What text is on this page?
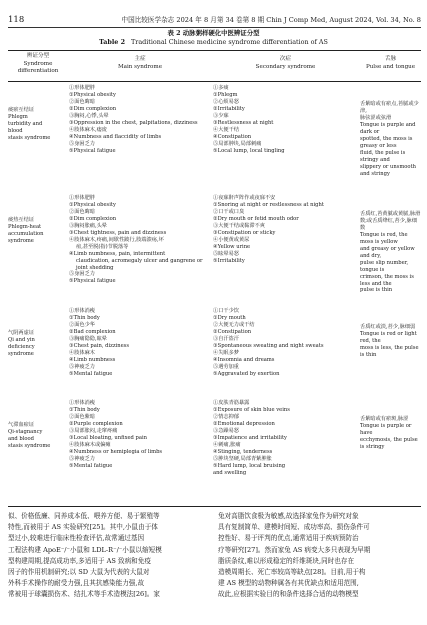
118	中国比较医学杂志 2024 年 8 月第 34 卷第 8 期 Chin J Comp Med, August 2024, Vol. 34, No. 8
表 2 动脉粥样硬化中医辨证分型
Table 2 Traditional Chinese medicine syndrome differentiation of AS
辨证分型
Syndrome
differentiation
主症
Main syndrome
次症
Secondary syndrome
舌脉
Pulse and tongue
痰瘀互结证
Phlegm
turbidity and
blood
stasis syndrome
①形体肥胖
①Physical obesity
②面色晦暗
②Dim complexion
③胸闷,心悸,头晕
③Oppression in the chest, palpitations, dizziness
④肢体麻木,痿废
④Numbness and flaccidity of limbs
⑤身困乏力
⑤Physical fatigue
①多痰
①Phlegm
②心烦易怒
②Irritability
③少寐
③Restlessness at night
④大便干结
④Constipation
⑤局部肿块,局部刺痛
⑤Local lump, local tingling
舌紫暗或有瘀点,苔腻或少津,
脉弦涩或弦滑
Tongue is purple and dark or
spotted, the moss is greasy or less
fluid, the pulse is stringy and
slippery or unsmooth and stringy
痰热互结证
Phlegm-heat
accumulation
syndrome
①形体肥胖
①Physical obesity
②面色晦暗
②Dim complexion
③胸闷胀痛,头晕
③Chest tightness, pain and dizziness
④肢体麻木,疼痛,间歇性跛行,肢端溃疡,坏
疽,甚至脱(指)节脱落等
④Limb numbness, pain, intermittent
claudication, acromegaly ulcer and gangrene or
joint shedding
⑤身困乏力
⑤Physical fatigue
①夜寐鼾声阵作或夜寐不安
①Snoring at night or restlessness at night
②口干或口臭
②Dry mouth or fetid mouth odor
③大便干结或黏滞不爽
③Constipation or sticky
④小便黄或黄尿
④Yellow urine
⑤眩晕易怒
⑤Irritability
舌质红,苔黄腻或黄腻,脉滑
数;或舌质绛红,苔少,脉细数
Tongue is red, the moss is yellow
and greasy or yellow and dry,
pulse slip number, tongue is
crimson, the moss is less and the
pulse is thin
气阴两虚证
Qi and yin
deficiency
syndrome
①形体消瘦
①Thin body
②面色少华
②Bad complexion
③胸痛隐隐,眩晕
③Chest pain, dizziness
④肢体麻木
④Limb numbness
⑤神疲乏力
⑤Mental fatigue
①口干少饮
①Dry mouth
②大便无力或干结
②Constipation
③自汗盗汗
③Spontaneous sweating and night sweats
④失眠多梦
④Insomnia and dreams
⑤遇劳加重
⑤Aggravated by exertion
舌质红或淡,苔少,脉细弱
Tongue is red or light red, the
moss is less, the pulse is thin
气滞血瘀证
Qi-stagnancy
and blood
stasis syndrome
①形体消瘦
①Thin body
②面色紫暗
②Purple complexion
③局部胀闷,走窜疼痛
③Local bloating, unfixed pain
④肢体麻木或偏瘫
④Numbness or hemiplegia of limbs
⑤神疲乏力
⑤Mental fatigue
①皮肤青筋暴露
①Exposure of skin blue veins
②情志抑郁
②Emotional depression
③急躁易怒
③Impatience and irritability
④刺痛,胀痛
④Stinging, tenderness
⑤肿块坚硬,局部青紫肿胀
⑤Hard lump, local bruising
and swelling
舌紫暗或有瘀斑,脉涩
Tongue is purple or have
ecchymosis, the pulse is stringy
似、价格低廉、同养成本低、喂养方便、易于繁殖等
特性,而被用于 AS 实验研究[25]。其中,小鼠由于体
型过小,较难进行临床性检查评估,故常通过基因
工程法构建 ApoE⁻/⁻小鼠和 LDL-R⁻/⁻小鼠以缩短模
型构建周期,提高成功率,多适用于 AS 致病和免疫
因子的作用机制研究;以 SD 大鼠为代表的大鼠对
外科手术操作的耐受力强,且其抗感染能力强,故
常被用于球囊损伤术、结扎术等手术造模法[26]。家
兔对高脂饮食极为敏感,故选择家兔作为研究对象
具有复制简单、建模时间短、成功率高、损伤条件可
控性好、易于评判的优点,通常适用于疾病预防治
疗等研究[27]。然而家兔 AS 病变大多只表现为早期
脂质条纹,难以形成稳定的纤维斑块,同时也存在
造模周期长、死亡率较高等缺点[28]。目前,用于构
建 AS 模型的动物种属各有其优缺点和适用范围,
故此,应根据实验目的和条件选择合适的动物模型
